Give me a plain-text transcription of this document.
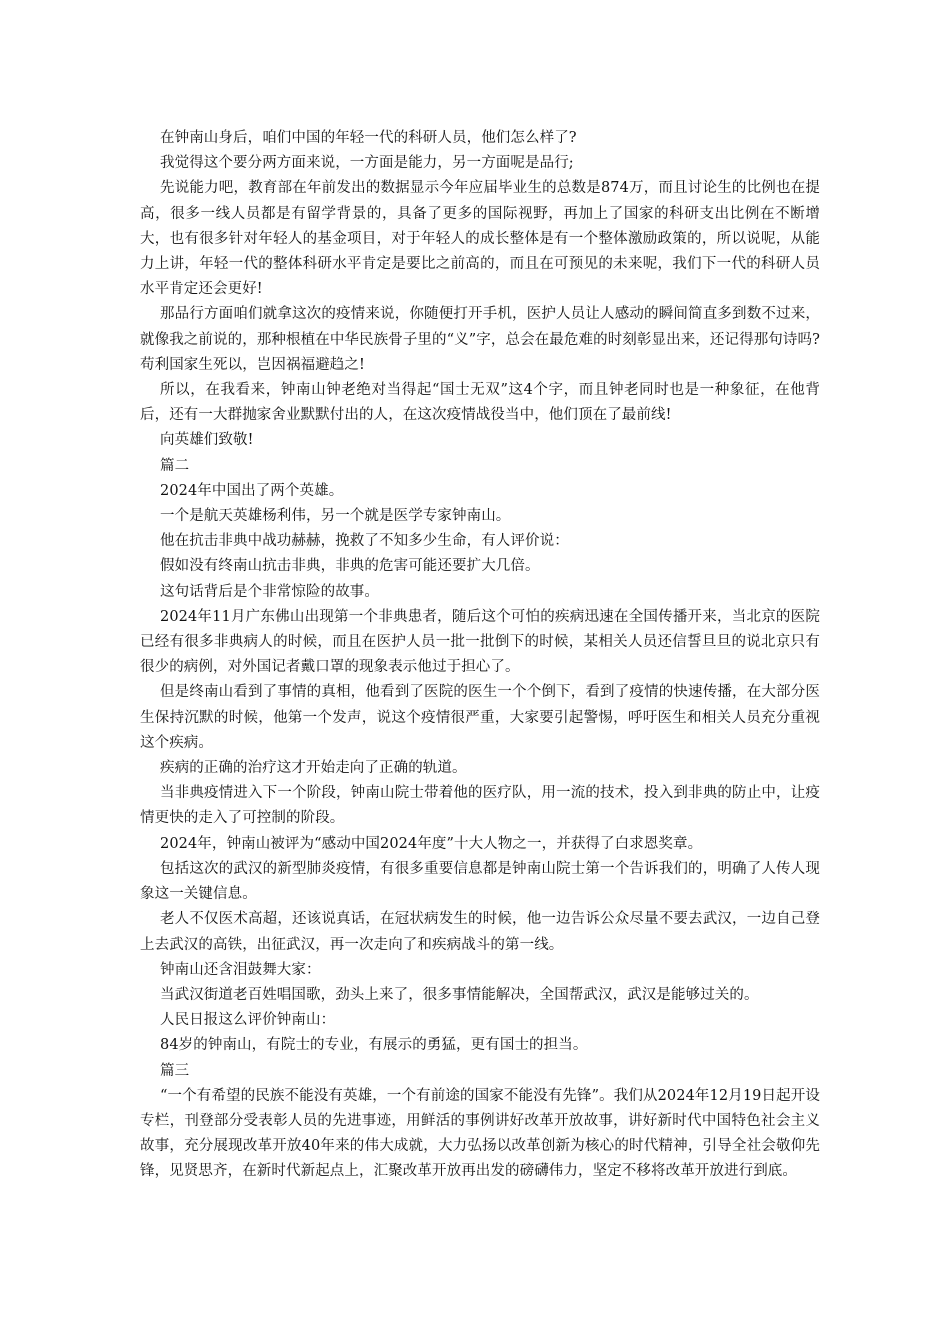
在钟南山身后，咱们中国的年轻一代的科研人员，他们怎么样了?

我觉得这个要分两方面来说，一方面是能力，另一方面呢是品行;

先说能力吧，教育部在年前发出的数据显示今年应届毕业生的总数是874万，而且讨论生的比例也在提高，很多一线人员都是有留学背景的，具备了更多的国际视野，再加上了国家的科研支出比例在不断增大，也有很多针对年轻人的基金项目，对于年轻人的成长整体是有一个整体激励政策的，所以说呢，从能力上讲，年轻一代的整体科研水平肯定是要比之前高的，而且在可预见的未来呢，我们下一代的科研人员水平肯定还会更好!

那品行方面咱们就拿这次的疫情来说，你随便打开手机，医护人员让人感动的瞬间简直多到数不过来，就像我之前说的，那种根植在中华民族骨子里的“义”字，总会在最危难的时刻彰显出来，还记得那句诗吗?苟利国家生死以，岂因祸福避趋之!

所以，在我看来，钟南山钟老绝对当得起“国士无双”这4个字，而且钟老同时也是一种象征，在他背后，还有一大群抛家舍业默默付出的人，在这次疫情战役当中，他们顶在了最前线!

向英雄们致敬!

篇二

2024年中国出了两个英雄。

一个是航天英雄杨利伟，另一个就是医学专家钟南山。

他在抗击非典中战功赫赫，挽救了不知多少生命，有人评价说：

假如没有终南山抗击非典，非典的危害可能还要扩大几倍。

这句话背后是个非常惊险的故事。

2024年11月广东佛山出现第一个非典患者，随后这个可怕的疾病迅速在全国传播开来，当北京的医院已经有很多非典病人的时候，而且在医护人员一批一批倒下的时候，某相关人员还信誓旦旦的说北京只有很少的病例，对外国记者戴口罩的现象表示他过于担心了。

但是终南山看到了事情的真相，他看到了医院的医生一个个倒下，看到了疫情的快速传播，在大部分医生保持沉默的时候，他第一个发声，说这个疫情很严重，大家要引起警惕，呼吁医生和相关人员充分重视这个疾病。

疾病的正确的治疗这才开始走向了正确的轨道。

当非典疫情进入下一个阶段，钟南山院士带着他的医疗队，用一流的技术，投入到非典的防止中，让疫情更快的走入了可控制的阶段。

2024年，钟南山被评为“感动中国2024年度”十大人物之一，并获得了白求恩奖章。

包括这次的武汉的新型肺炎疫情，有很多重要信息都是钟南山院士第一个告诉我们的，明确了人传人现象这一关键信息。

老人不仅医术高超，还该说真话，在冠状病发生的时候，他一边告诉公众尽量不要去武汉，一边自己登上去武汉的高铁，出征武汉，再一次走向了和疾病战斗的第一线。

钟南山还含泪鼓舞大家：

当武汉街道老百姓唱国歌，劲头上来了，很多事情能解决，全国帮武汉，武汉是能够过关的。

人民日报这么评价钟南山：

84岁的钟南山，有院士的专业，有展示的勇猛，更有国士的担当。

篇三

“一个有希望的民族不能没有英雄，一个有前途的国家不能没有先锋”。我们从2024年12月19日起开设专栏，刊登部分受表彰人员的先进事迹，用鲜活的事例讲好改革开放故事，讲好新时代中国特色社会主义故事，充分展现改革开放40年来的伟大成就，大力弘扬以改革创新为核心的时代精神，引导全社会敬仰先锋，见贤思齐，在新时代新起点上，汇聚改革开放再出发的磅礴伟力，坚定不移将改革开放进行到底。
